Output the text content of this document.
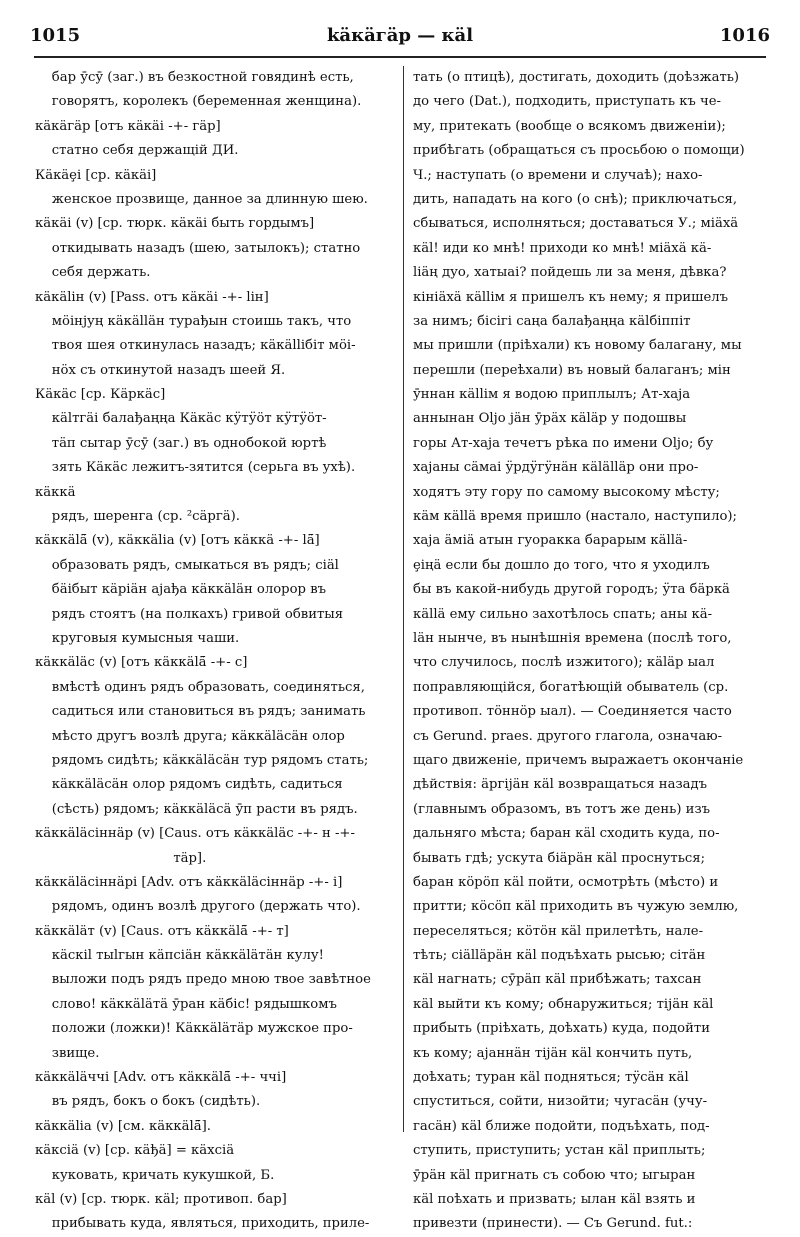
1015	kӓкӓгӓр — кӓl	1016
бар ӯсӯ (заг.) въ безкостной говядинѣ есть,
говорятъ, королекъ (беременная женщина).
кӓкӓгӓр [отъ кӓкӓі -+- гӓр]
статно себя держащій ДИ.
Кӓкӓȩі [ср. кӓкӓі]
женское прозвище, данное за длинную шею.
кӓкӓі (v) [ср. тюрк. кӓкӓі быть гордымъ]
откидывать назадъ (шею, затылокъ); статно
себя держать.
кӓкӓlін (v) [Pass. отъ кӓкӓі -+- lін]
мӧінјуң кӓкӓllӓн турађын стоишь такъ, что
твоя шея откинулась назадъ; кӓкӓllібіт мӧі-
нӧх съ откинутой назадъ шеей Я.
Кӓкӓс [ср. Кӓркӓс]
кӓlтгӓі балађаңңа Кӓкӓс кӱтӱӧт кӱтӱӧт-
тӓп сытар ӯсӯ (заг.) въ однобокой юртѣ
зять Кӓкӓс лежитъ-зятится (серьга въ ухѣ).
кӓккӓ
рядъ, шеренга (ср. ²сӓргӓ).
кӓккӓlӓ̄ (v), кӓккӓlіа (v) [отъ кӓккӓ -+- lӓ̄]
образовать рядъ, смыкаться въ рядъ; сіӓl
бӓібыт кӓріӓн ајађа кӓккӓlӓн олорор въ
рядъ стоятъ (на полкахъ) гривой обвитыя
круговыя кумысныя чаши.
кӓккӓlӓс (v) [отъ кӓккӓlӓ̄ -+- с]
вмѣстѣ одинъ рядъ образовать, соединяться,
садиться или становиться въ рядъ; занимать
мѣсто другъ возлѣ друга; кӓккӓlӓсӓн олор
рядомъ сидѣть; кӓккӓlӓсӓн тур рядомъ стать;
кӓккӓlӓсӓн олор рядомъ сидѣть, садиться
(сѣсть) рядомъ; кӓккӓlӓсӓ ӯп расти въ рядъ.
кӓккӓlӓсіннӓр (v) [Caus. отъ кӓккӓlӓс -+- н -+-
тӓр].
кӓккӓlӓсіннӓрі [Adv. отъ кӓккӓlӓсіннӓр -+- і]
рядомъ, одинъ возлѣ другого (держать что).
кӓккӓlӓт (v) [Caus. отъ кӓккӓlӓ̄ -+- т]
кӓскіl тыlгын кӓпсіӓн кӓккӓlӓтӓн кулу!
выложи подъ рядъ предо мною твое завѣтное
слово! кӓккӓlӓтӓ ӯран кӓбіс! рядышкомъ
положи (ложки)! Кӓккӓlӓтӓр мужское про-
звище.
кӓккӓlӓччі [Adv. отъ кӓккӓlӓ̄ -+- ччі]
въ рядъ, бокъ о бокъ (сидѣть).
кӓккӓlіа (v) [см. кӓккӓlӓ̄].
кӓксіӓ (v) [ср. кӓђӓ] = кӓхсіӓ
куковать, кричать кукушкой, Б.
кӓl (v) [ср. тюрк. кӓl; противоп. бар]
прибывать куда, являться, приходить, приле-
тать (о птицѣ), достигать, доходить (доѣзжать)
до чего (Dat.), подходить, приступать къ че-
му, притекать (вообще о всякомъ движеніи);
прибѣгать (обращаться съ просьбою о помощи)
Ч.; наступать (о времени и случаѣ); нахо-
дить, нападать на кого (о снѣ); приключаться,
сбываться, исполняться; доставаться У.; міӓхӓ
кӓl! иди ко мнѣ! приходи ко мнѣ! міӓхӓ кӓ-
lіӓң дуо, хатыаі? пойдешь ли за меня, дѣвка?
кініӓхӓ кӓllім я пришелъ къ нему; я пришелъ
за нимъ; бісігі саңа балађаңңа кӓlбіппіт
мы пришли (пріѣхали) къ новому балагану, мы
перешли (переѣхали) въ новый балаганъ; мін
ӯннан кӓllім я водою приплылъ; Ат-хаjа
аннынан Оljо јӓн ӯрӓх кӓlӓр у подошвы
горы Ат-хаjа течетъ рѣка по имени Оljо; бу
хаjаны сӓмаі ӱрдӱгӱнӓн кӓlӓllӓр они про-
ходятъ эту гору по самому высокому мѣсту;
кӓм кӓllӓ время пришло (настало, наступило);
хаjа ӓміӓ атын гуоракка барарым кӓllӓ-
ȩіңӓ если бы дошло до того, что я уходилъ
бы въ какой-нибудь другой городъ; ӱта бӓркӓ
кӓllӓ ему сильно захотѣлось спать; аны кӓ-
lӓн нынче, въ нынѣшнія времена (послѣ того,
что случилось, послѣ изжитого); кӓlӓр ыал
поправляющійся, богатѣющій обыватель (ср.
противоп. тӧннӧр ыал). — Соединяется часто
съ Gerund. praes. другого глагола, означаю-
щаго движеніе, причемъ выражаетъ окончаніе
дѣйствія: ӓргіjӓн кӓl возвращаться назадъ
(главнымъ образомъ, въ тотъ же день) изъ
дальняго мѣста; баран кӓl сходить куда, по-
бывать гдѣ; ускута біӓрӓн кӓl проснуться;
баран кӧрӧп кӓl пойти, осмотрѣть (мѣсто) и
притти; кӧсӧп кӓl приходить въ чужую землю,
переселяться; кӧтӧн кӓl прилетѣть, нале-
тѣть; сіӓllӓрӓн кӓl подъѣхать рысью; сітӓн
кӓl нагнать; сӯрӓп кӓl прибѣжать; тахсан
кӓl выйти къ кому; обнаружиться; тіјӓн кӓl
прибыть (пріѣхать, доѣхать) куда, подойти
къ кому; ајаннӓн тіјӓн кӓl кончить путь,
доѣхать; туран кӓl подняться; тӱсӓн кӓl
спуститься, сойти, низойти; чугасӓн (учу-
гасӓн) кӓl ближе подойти, подъѣхать, под-
ступить, приступить; устан кӓl приплыть;
ӯрӓн кӓl пригнать съ собою что; ыгыран
кӓl поѣхать и призвать; ылан кӓl взять и
привезти (принести). — Съ Gerund. fut.:
